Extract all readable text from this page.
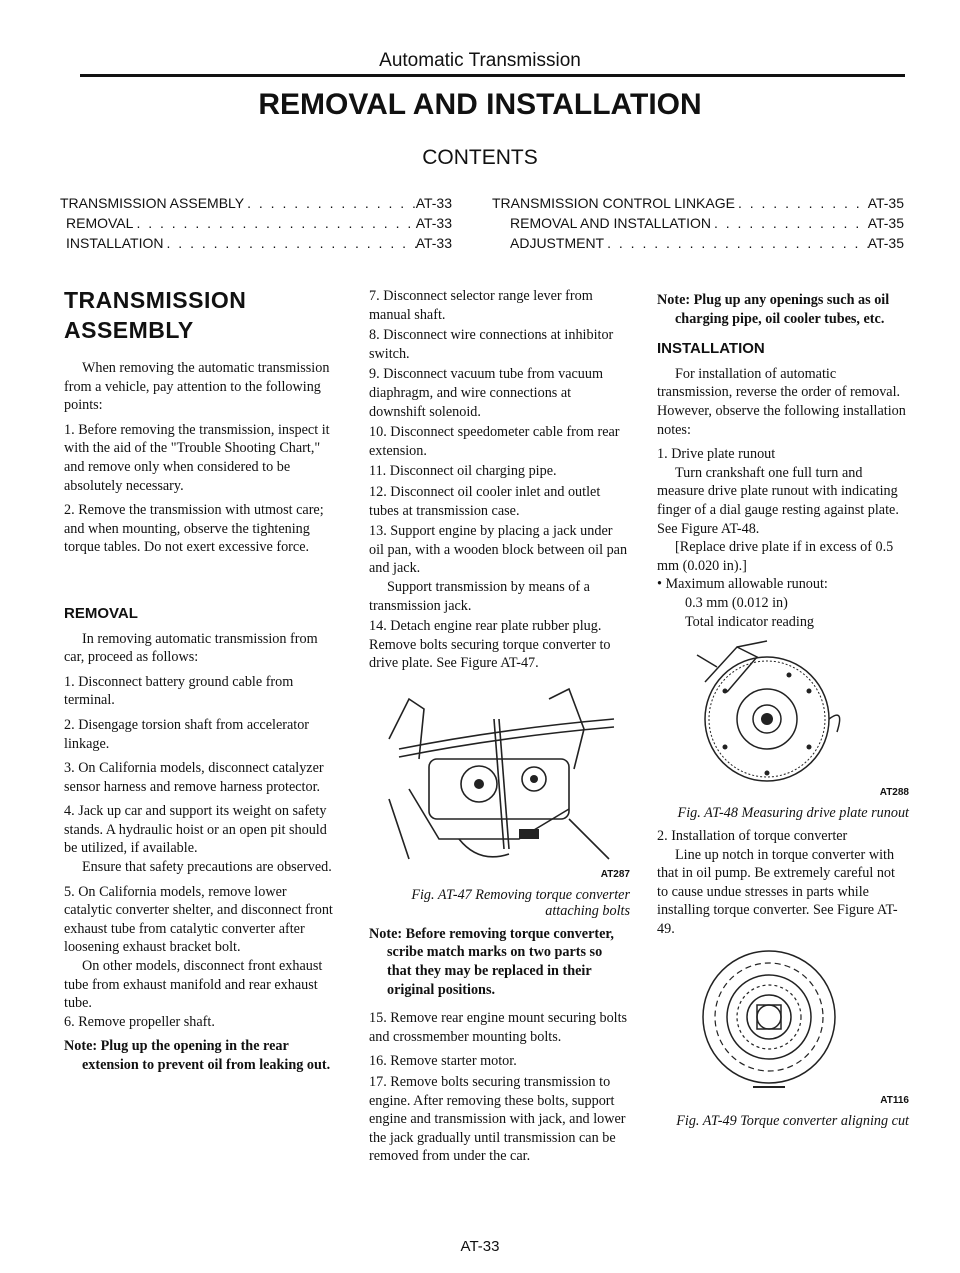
Automatic Transmission
REMOVAL AND INSTALLATION
CONTENTS
TRANSMISSION ASSEMBLY . . .	AT-33
REMOVAL . . .	AT-33
INSTALLATION . . .	AT-33
TRANSMISSION CONTROL LINKAGE . . .	AT-35
REMOVAL AND INSTALLATION . . .	AT-35
ADJUSTMENT . . .	AT-35
TRANSMISSION ASSEMBLY

When removing the automatic transmission from a vehicle, pay attention to the following points:

1. Before removing the transmission, inspect it with the aid of the "Trouble Shooting Chart," and remove only when considered to be absolutely necessary.

2. Remove the transmission with utmost care; and when mounting, observe the tightening torque tables. Do not exert excessive force.

REMOVAL

In removing automatic transmission from car, proceed as follows:

1. Disconnect battery ground cable from terminal.

2. Disengage torsion shaft from accelerator linkage.

3. On California models, disconnect catalyzer sensor harness and remove harness protector.

4. Jack up car and support its weight on safety stands. A hydraulic hoist or an open pit should be utilized, if available.

Ensure that safety precautions are observed.

5. On California models, remove lower catalytic converter shelter, and disconnect front exhaust tube from catalytic converter after loosening exhaust bracket bolt.

On other models, disconnect front exhaust tube from exhaust manifold and rear exhaust tube.

6. Remove propeller shaft.

Note: Plug up the opening in the rear extension to prevent oil from leaking out.

7. Disconnect selector range lever from manual shaft.

8. Disconnect wire connections at inhibitor switch.

9. Disconnect vacuum tube from vacuum diaphragm, and wire connections at downshift solenoid.

10. Disconnect speedometer cable from rear extension.

11. Disconnect oil charging pipe.

12. Disconnect oil cooler inlet and outlet tubes at transmission case.

13. Support engine by placing a jack under oil pan, with a wooden block between oil pan and jack.

Support transmission by means of a transmission jack.

14. Detach engine rear plate rubber plug. Remove bolts securing torque converter to drive plate. See Figure AT-47.

AT287

Fig. AT-47 Removing torque converter attaching bolts

Note: Before removing torque converter, scribe match marks on two parts so that they may be replaced in their original positions.

15. Remove rear engine mount securing bolts and crossmember mounting bolts.

16. Remove starter motor.

17. Remove bolts securing transmission to engine. After removing these bolts, support engine and transmission with jack, and lower the jack gradually until transmission can be removed from under the car.

Note: Plug up any openings such as oil charging pipe, oil cooler tubes, etc.

INSTALLATION

For installation of automatic transmission, reverse the order of removal. However, observe the following installation notes:

1. Drive plate runout

Turn crankshaft one full turn and measure drive plate runout with indicating finger of a dial gauge resting against plate. See Figure AT-48.

[Replace drive plate if in excess of 0.5 mm (0.020 in).]

• Maximum allowable runout:

0.3 mm (0.012 in)

Total indicator reading

AT288

Fig. AT-48 Measuring drive plate runout

2. Installation of torque converter

Line up notch in torque converter with that in oil pump. Be extremely careful not to cause undue stresses in parts while installing torque converter. See Figure AT-49.

AT116

Fig. AT-49 Torque converter aligning cut

AT-33
